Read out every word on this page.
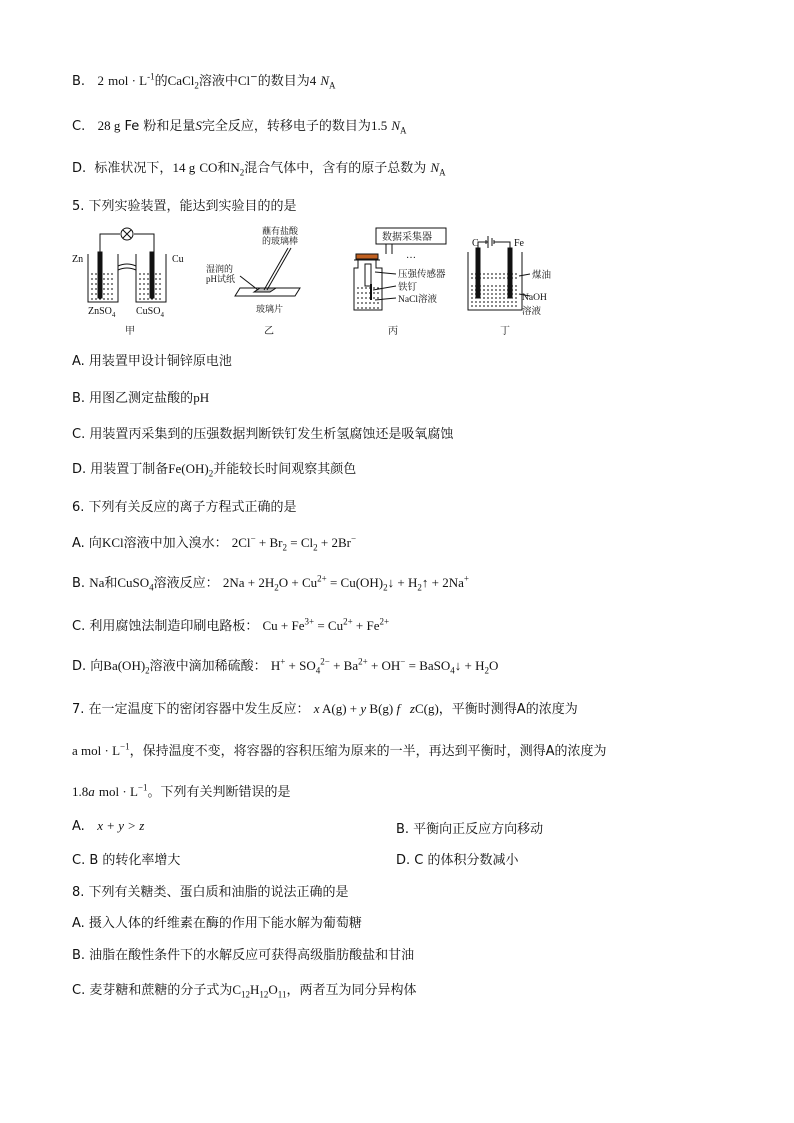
B. 2 mol · $L^{-1}$的CaCl$_2$溶液中Cl−的数目为4 $N_A$
C. 28 g Fe 粉和足量S完全反应，转移电子的数目为1.5 $N_A$
D. 标准状况下，14 g CO和$N_2$混合气体中，含有的原子总数为 $N_A$
5. 下列实验装置，能达到实验目的的是
Zn	Cu
ZnSO$_4$ CuSO$_4$
甲
蘸有盐酸
的玻璃棒
湿润的
pH试纸
玻璃片
乙
数据采集器
…
压强传感器
铁钉
NaCl溶液
丙
C	Fe
煤油
NaOH
溶液
丁
A. 用装置甲设计铜锌原电池
B. 用图乙测定盐酸的pH
C. 用装置丙采集到的压强数据判断铁钉发生析氢腐蚀还是吸氧腐蚀
D. 用装置丁制备$Fe(OH)_2$并能较长时间观察其颜色
6. 下列有关反应的离子方程式正确的是
A. 向KCl溶液中加入溴水： $2Cl^- + Br_2 = Cl_2 + 2Br^-$
B. Na和CuSO$_4$溶液反应： $2Na + 2H_2O + Cu^{2+}$ = $Cu(OH)_2↓$ + $H_2↑ + 2Na^+$
C. 利用腐蚀法制造印刷电路板： $Cu + Fe^{3+} = Cu^{2+} + Fe^{2+}$
D. 向$Ba(OH)_2$溶液中滴加稀硫酸： $H^+ + SO_4^{2-} + Ba^{2+} + OH^-$ = BaSO$_4$↓ + $H_2O$
7. 在一定温度下的密闭容器中发生反应： x A(g) + y B(g) f zC(g)，平衡时测得A的浓度为
a mol · $L^{-1}$，保持温度不变，将容器的容积压缩为原来的一半，再达到平衡时，测得A的浓度为
1.8a mol · $L^{-1}$。下列有关判断错误的是
A. x + y > z	B. 平衡向正反应方向移动
C. B 的转化率增大	D. C 的体积分数减小
8. 下列有关糖类、蛋白质和油脂的说法正确的是
A. 摄入人体的纤维素在酶的作用下能水解为葡萄糖
B. 油脂在酸性条件下的水解反应可获得高级脂肪酸盐和甘油
C. 麦芽糖和蔗糖的分子式为$C_{12}H_{12}O_{11}$，两者互为同分异构体
